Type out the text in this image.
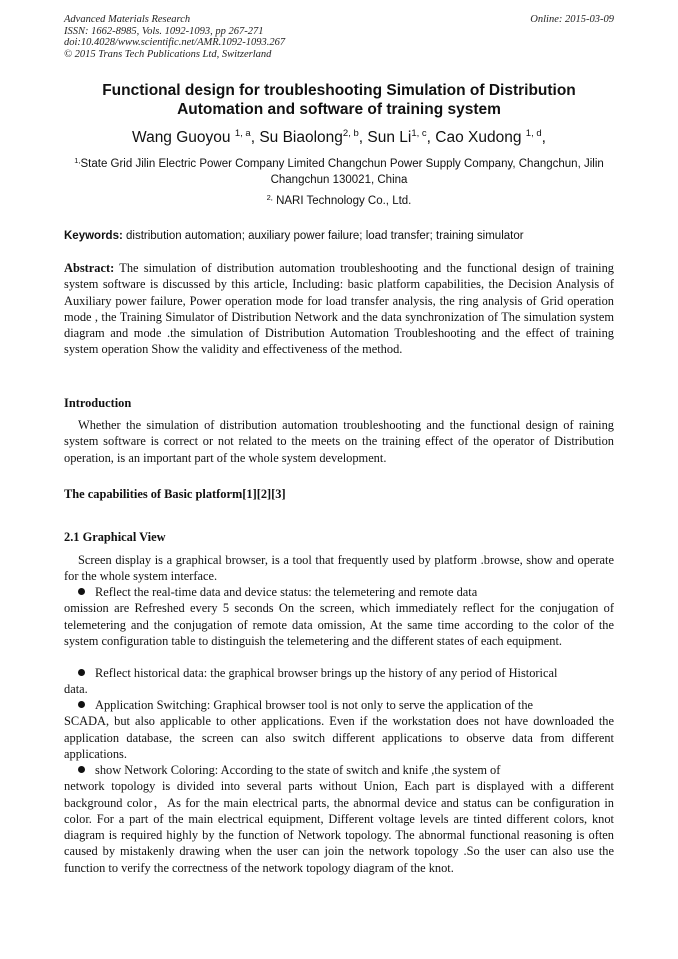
Advanced Materials Research
ISSN: 1662-8985, Vols. 1092-1093, pp 267-271
doi:10.4028/www.scientific.net/AMR.1092-1093.267
© 2015 Trans Tech Publications Ltd, Switzerland
Online: 2015-03-09
Functional design for troubleshooting Simulation of Distribution
Automation and software of training system
Wang Guoyou $^{1, a}$, Su Biaolong$^{2, b}$, Sun Li$^{1, c}$, Cao Xudong $^{1, d}$,
$^{1,}$State Grid Jilin Electric Power Company Limited Changchun Power Supply Company, Changchun, Jilin Changchun 130021, China
$^{2,}$ NARI Technology Co., Ltd.
Keywords: distribution automation; auxiliary power failure; load transfer; training simulator
Abstract: The simulation of distribution automation troubleshooting and the functional design of training system software is discussed by this article, Including: basic platform capabilities, the Decision Analysis of Auxiliary power failure, Power operation mode for load transfer analysis, the ring analysis of Grid operation mode , the Training Simulator of Distribution Network and the data synchronization of The simulation system diagram and mode .the simulation of Distribution Automation Troubleshooting and the effect of training system operation Show the validity and effectiveness of the method.
Introduction
Whether the simulation of distribution automation troubleshooting and the functional design of raining system software is correct or not related to the meets on the training effect of the operator of Distribution operation, is an important part of the whole system development.
The capabilities of Basic platform[1][2][3]
2.1 Graphical View
Screen display is a graphical browser, is a tool that frequently used by platform .browse, show and operate for the whole system interface.
Reflect the real-time data and device status: the telemetering and remote data
omission are Refreshed every 5 seconds On the screen, which immediately reflect for the conjugation of telemetering and the conjugation of remote data omission, At the same time according to the color of the system configuration table to distinguish the telemetering and the different states of each equipment.
Reflect historical data: the graphical browser brings up the history of any period of Historical
data.
Application Switching: Graphical browser tool is not only to serve the application of the
SCADA, but also applicable to other applications. Even if the workstation does not have downloaded the application database, the screen can also switch different applications to observe data from different applications.
show Network Coloring: According to the state of switch and knife ,the system of
network topology is divided into several parts without Union, Each part is displayed with a different background color，As for the main electrical parts, the abnormal device and status can be configuration in color. For a part of the main electrical equipment, Different voltage levels are tinted different colors, knot diagram is required highly by the function of Network topology. The abnormal functional reasoning is often caused by mistakenly drawing when the user can join the network topology .So the user can also use the function to verify the correctness of the network topology diagram of the knot.
